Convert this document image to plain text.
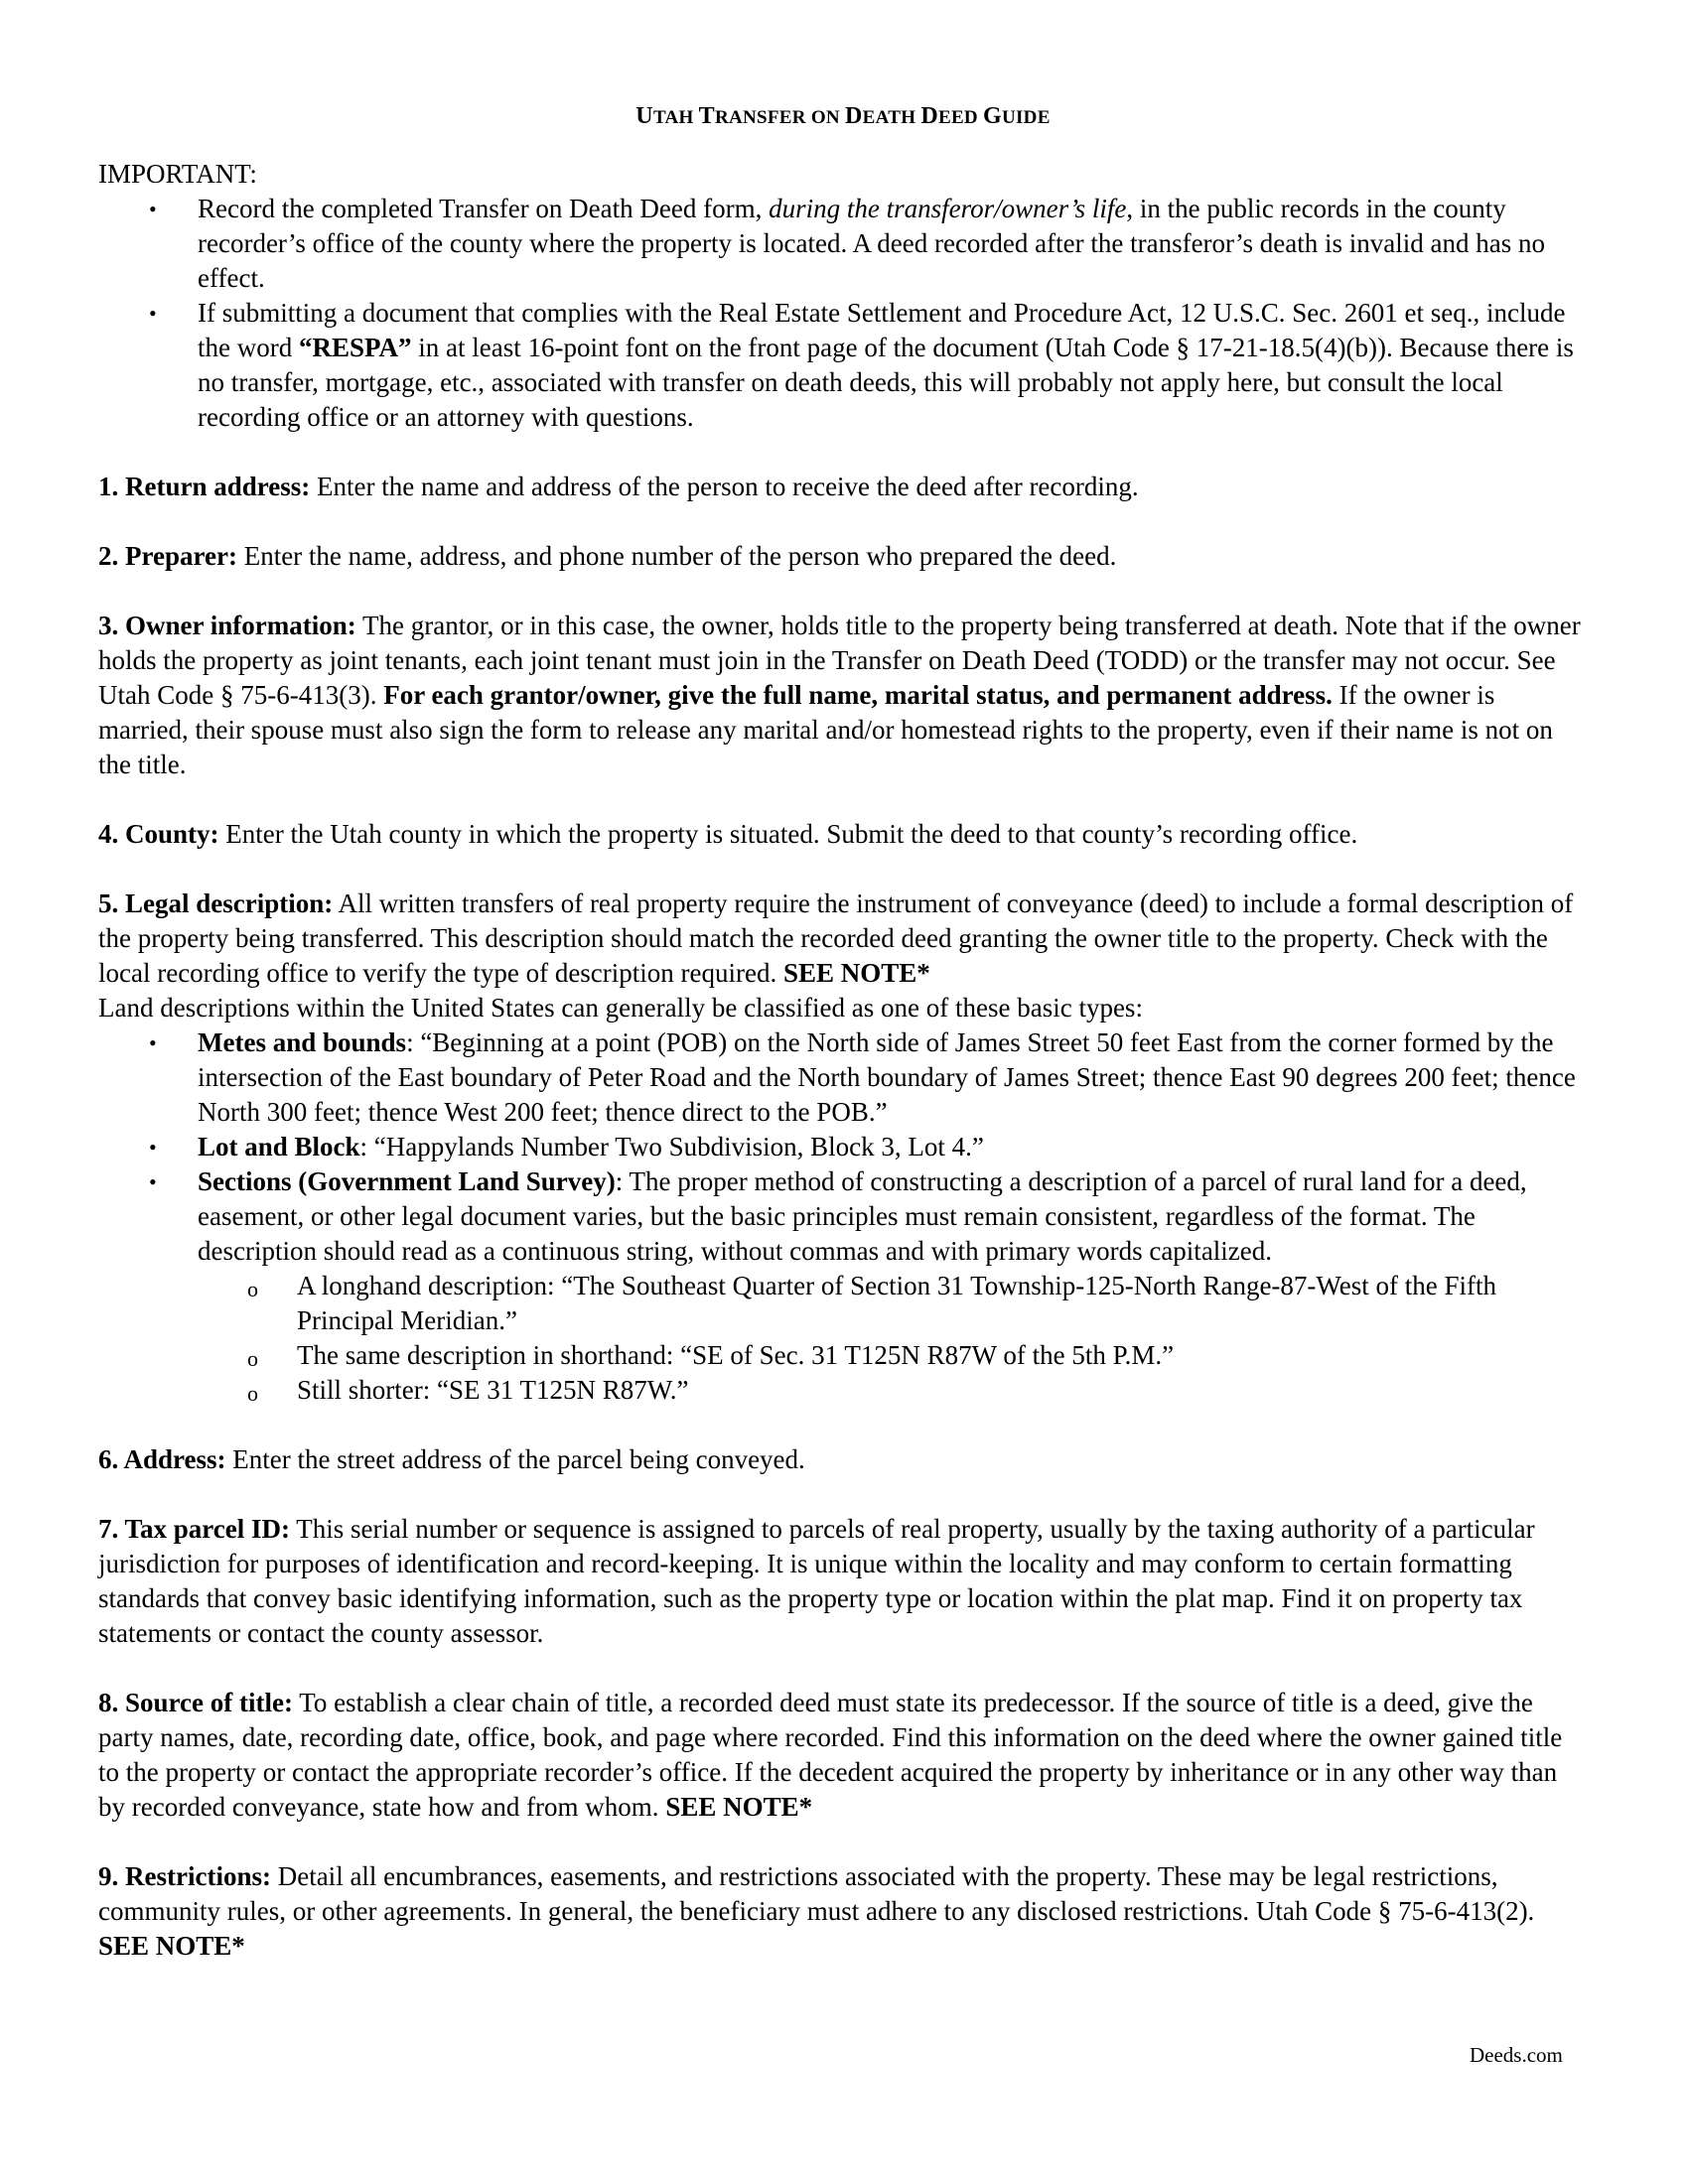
UTAH TRANSFER ON DEATH DEED GUIDE

IMPORTANT:

• Record the completed Transfer on Death Deed form, during the transferor/owner’s life, in the public records in the county recorder’s office of the county where the property is located. A deed recorded after the transferor’s death is invalid and has no effect.
• If submitting a document that complies with the Real Estate Settlement and Procedure Act, 12 U.S.C. Sec. 2601 et seq., include the word “RESPA” in at least 16-point font on the front page of the document (Utah Code § 17-21-18.5(4)(b)). Because there is no transfer, mortgage, etc., associated with transfer on death deeds, this will probably not apply here, but consult the local recording office or an attorney with questions.

1. Return address: Enter the name and address of the person to receive the deed after recording.

2. Preparer: Enter the name, address, and phone number of the person who prepared the deed.

3. Owner information: The grantor, or in this case, the owner, holds title to the property being transferred at death. Note that if the owner holds the property as joint tenants, each joint tenant must join in the Transfer on Death Deed (TODD) or the transfer may not occur. See Utah Code § 75-6-413(3). For each grantor/owner, give the full name, marital status, and permanent address. If the owner is married, their spouse must also sign the form to release any marital and/or homestead rights to the property, even if their name is not on the title.

4. County: Enter the Utah county in which the property is situated. Submit the deed to that county’s recording office.

5. Legal description: All written transfers of real property require the instrument of conveyance (deed) to include a formal description of the property being transferred. This description should match the recorded deed granting the owner title to the property. Check with the local recording office to verify the type of description required. SEE NOTE*
Land descriptions within the United States can generally be classified as one of these basic types:

• Metes and bounds: “Beginning at a point (POB) on the North side of James Street 50 feet East from the corner formed by the intersection of the East boundary of Peter Road and the North boundary of James Street; thence East 90 degrees 200 feet; thence North 300 feet; thence West 200 feet; thence direct to the POB.”
• Lot and Block: “Happylands Number Two Subdivision, Block 3, Lot 4.”
• Sections (Government Land Survey): The proper method of constructing a description of a parcel of rural land for a deed, easement, or other legal document varies, but the basic principles must remain consistent, regardless of the format. The description should read as a continuous string, without commas and with primary words capitalized.
o A longhand description: “The Southeast Quarter of Section 31 Township-125-North Range-87-West of the Fifth Principal Meridian.”
o The same description in shorthand: “SE of Sec. 31 T125N R87W of the 5th P.M.”
o Still shorter: “SE 31 T125N R87W.”

6. Address: Enter the street address of the parcel being conveyed.

7. Tax parcel ID: This serial number or sequence is assigned to parcels of real property, usually by the taxing authority of a particular jurisdiction for purposes of identification and record-keeping. It is unique within the locality and may conform to certain formatting standards that convey basic identifying information, such as the property type or location within the plat map. Find it on property tax statements or contact the county assessor.

8. Source of title: To establish a clear chain of title, a recorded deed must state its predecessor. If the source of title is a deed, give the party names, date, recording date, office, book, and page where recorded. Find this information on the deed where the owner gained title to the property or contact the appropriate recorder’s office. If the decedent acquired the property by inheritance or in any other way than by recorded conveyance, state how and from whom. SEE NOTE*

9. Restrictions: Detail all encumbrances, easements, and restrictions associated with the property. These may be legal restrictions, community rules, or other agreements. In general, the beneficiary must adhere to any disclosed restrictions. Utah Code § 75-6-413(2). SEE NOTE*

Deeds.com
